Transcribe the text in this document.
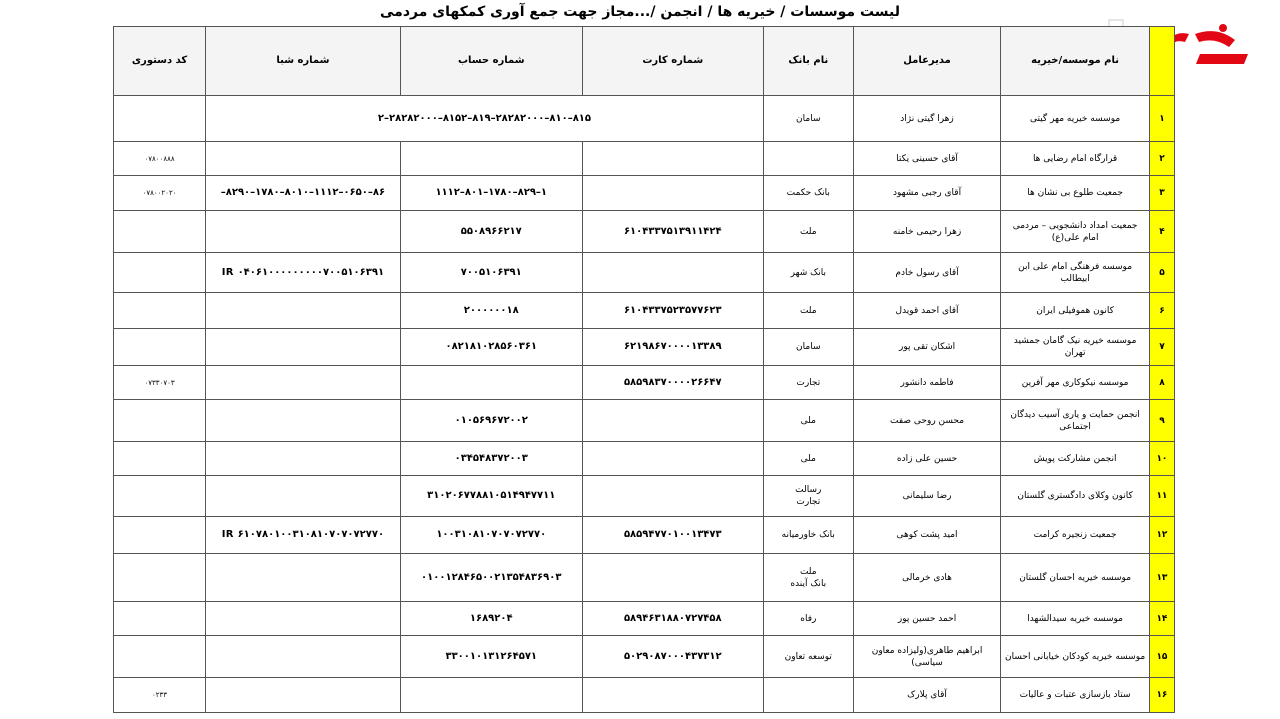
لیست موسسات / خیریه ها / انجمن /...مجاز جهت جمع آوری کمکهای مردمی
	نام موسسه/خیریه	مدیرعامل	نام بانک	شماره کارت	شماره حساب	شماره شبا	کد دستوری
۱	موسسه خیریه مهر گیتی	زهرا گیتی نژاد	سامان	۸۱۵–۸۱۰–۲۸۲۸۲۰۰۰–۸۱۹–۸۱۵۲–۲۸۲۸۲۰۰۰–۲			
۲	قرارگاه امام رضایی ها	آقای حسینی یکتا					۰۷۸۰۰۸۸۸
۳	جمعیت طلوع بی نشان ها	آقای رجبی مشهود	بانک حکمت		۱–۸۲۹–۱۷۸۰–۸۰۱–۱۱۱۲	۸۶–۰۶۵۰–۱۱۱۲–۸۰۱۰–۱۷۸۰–۸۲۹۰–	۰۷۸۰۰۲۰۲۰
۴	جمعیت امداد دانشجویی – مردمی امام علی(ع)	زهرا رحیمی خامنه	ملت	۶۱۰۴۳۳۷۵۱۳۹۱۱۴۲۴	۵۵۰۸۹۶۶۲۱۷		
۵	موسسه فرهنگی امام علی ابن ابیطالب	آقای رسول خادم	بانک شهر		۷۰۰۵۱۰۶۳۹۱	IR ۰۴۰۶۱۰۰۰۰۰۰۰۰۰۷۰۰۵۱۰۶۳۹۱	
۶	کانون هموفیلی ایران	آقای احمد قویدل	ملت	۶۱۰۴۳۳۷۵۲۳۵۷۷۶۲۳	۲۰۰۰۰۰۰۱۸		
۷	موسسه خیریه نیک گامان جمشید تهران	اشکان تقی پور	سامان	۶۲۱۹۸۶۷۰۰۰۰۱۳۳۸۹	۰۸۲۱۸۱۰۲۸۵۶۰۳۶۱		
۸	موسسه نیکوکاری مهر آفرین	فاطمه دانشور	تجارت	۵۸۵۹۸۳۷۰۰۰۰۲۶۶۴۷			۰۷۳۳۰۷۰۳
۹	انجمن حمایت و یاری آسیب دیدگان اجتماعی	محسن روحی صفت	ملی		۰۱۰۵۶۹۶۷۲۰۰۲		
۱۰	انجمن مشارکت پویش	حسین علی زاده	ملی		۰۳۴۵۴۸۳۷۲۰۰۳		
۱۱	کانون وکلای دادگستری گلستان	رضا سلیمانی	رسالت
تجارت		۳۱۰۲۰۶۷۷۸۸۱۰۵۱۴۹۴۷۷۱۱		
۱۲	جمعیت زنجیره کرامت	امید پشت کوهی	بانک خاورمیانه	۵۸۵۹۴۷۷۰۱۰۰۱۳۴۷۳	۱۰۰۳۱۰۸۱۰۷۰۷۰۷۲۷۷۰	IR ۶۱۰۷۸۰۱۰۰۳۱۰۸۱۰۷۰۷۰۷۲۷۷۰	
۱۳	موسسه خیریه احسان گلستان	هادی خرمالی	ملت
بانک آینده		۰۱۰۰۱۲۸۴۶۵۰۰۲۱۳۵۴۸۳۶۹۰۳		
۱۴	موسسه خیریه سیدالشهدا	احمد حسین پور	رفاه	۵۸۹۴۶۳۱۸۸۰۷۲۷۴۵۸	۱۶۸۹۲۰۴		
۱۵	موسسه خیریه کودکان خیابانی احسان	ابراهیم طاهری(ولیزاده معاون سیاسی)	توسعه تعاون	۵۰۲۹۰۸۷۰۰۰۴۳۷۳۱۲	۳۳۰۰۱۰۱۳۱۲۶۴۵۷۱		
۱۶	ستاد بازسازی عتبات و عالیات	آقای پلارک					۰۲۳۳
